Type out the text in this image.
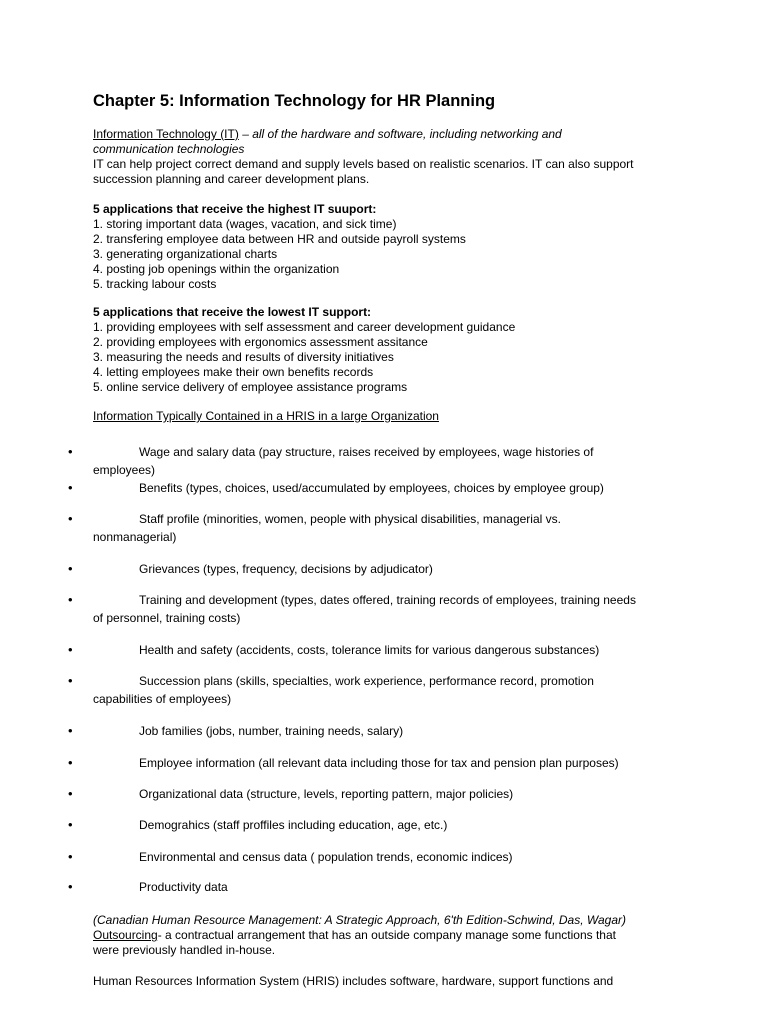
Chapter 5: Information Technology for HR Planning
Information Technology (IT) – all of the hardware and software, including networking and
communication technologies
IT can help project correct demand and supply levels based on realistic scenarios. IT can also support
succession planning and career development plans.
5 applications that receive the highest IT suuport:
1. storing important data (wages, vacation, and sick time)
2. transfering employee data between HR and outside payroll systems
3. generating organizational charts
4. posting job openings within the organization
5. tracking labour costs
5 applications that receive the lowest IT support:
1. providing employees with self assessment and career development guidance
2. providing employees with ergonomics assessment assitance
3. measuring the needs and results of diversity initiatives
4. letting employees make their own benefits records
5. online service delivery of employee assistance programs
Information Typically Contained in a HRIS in a large Organization
•	Wage and salary data (pay structure, raises received by employees, wage histories of
employees)
•	Benefits (types, choices, used/accumulated by employees, choices by employee group)
•	Staff profile (minorities, women, people with physical disabilities, managerial vs.
nonmanagerial)
•	Grievances (types, frequency, decisions by adjudicator)
•	Training and development (types, dates offered, training records of employees, training needs
of personnel, training costs)
•	Health and safety (accidents, costs, tolerance limits for various dangerous substances)
•	Succession plans (skills, specialties, work experience, performance record, promotion
capabilities of employees)
•	Job families (jobs, number, training needs, salary)
•	Employee information (all relevant data including those for tax and pension plan purposes)
•	Organizational data (structure, levels, reporting pattern, major policies)
•	Demograhics (staff proffiles including education, age, etc.)
•	Environmental and census data ( population trends, economic indices)
•	Productivity data
(Canadian Human Resource Management: A Strategic Approach, 6'th Edition-Schwind, Das, Wagar)
Outsourcing- a contractual arrangement that has an outside company manage some functions that
were previously handled in-house.
Human Resources Information System (HRIS) includes software, hardware, support functions and
